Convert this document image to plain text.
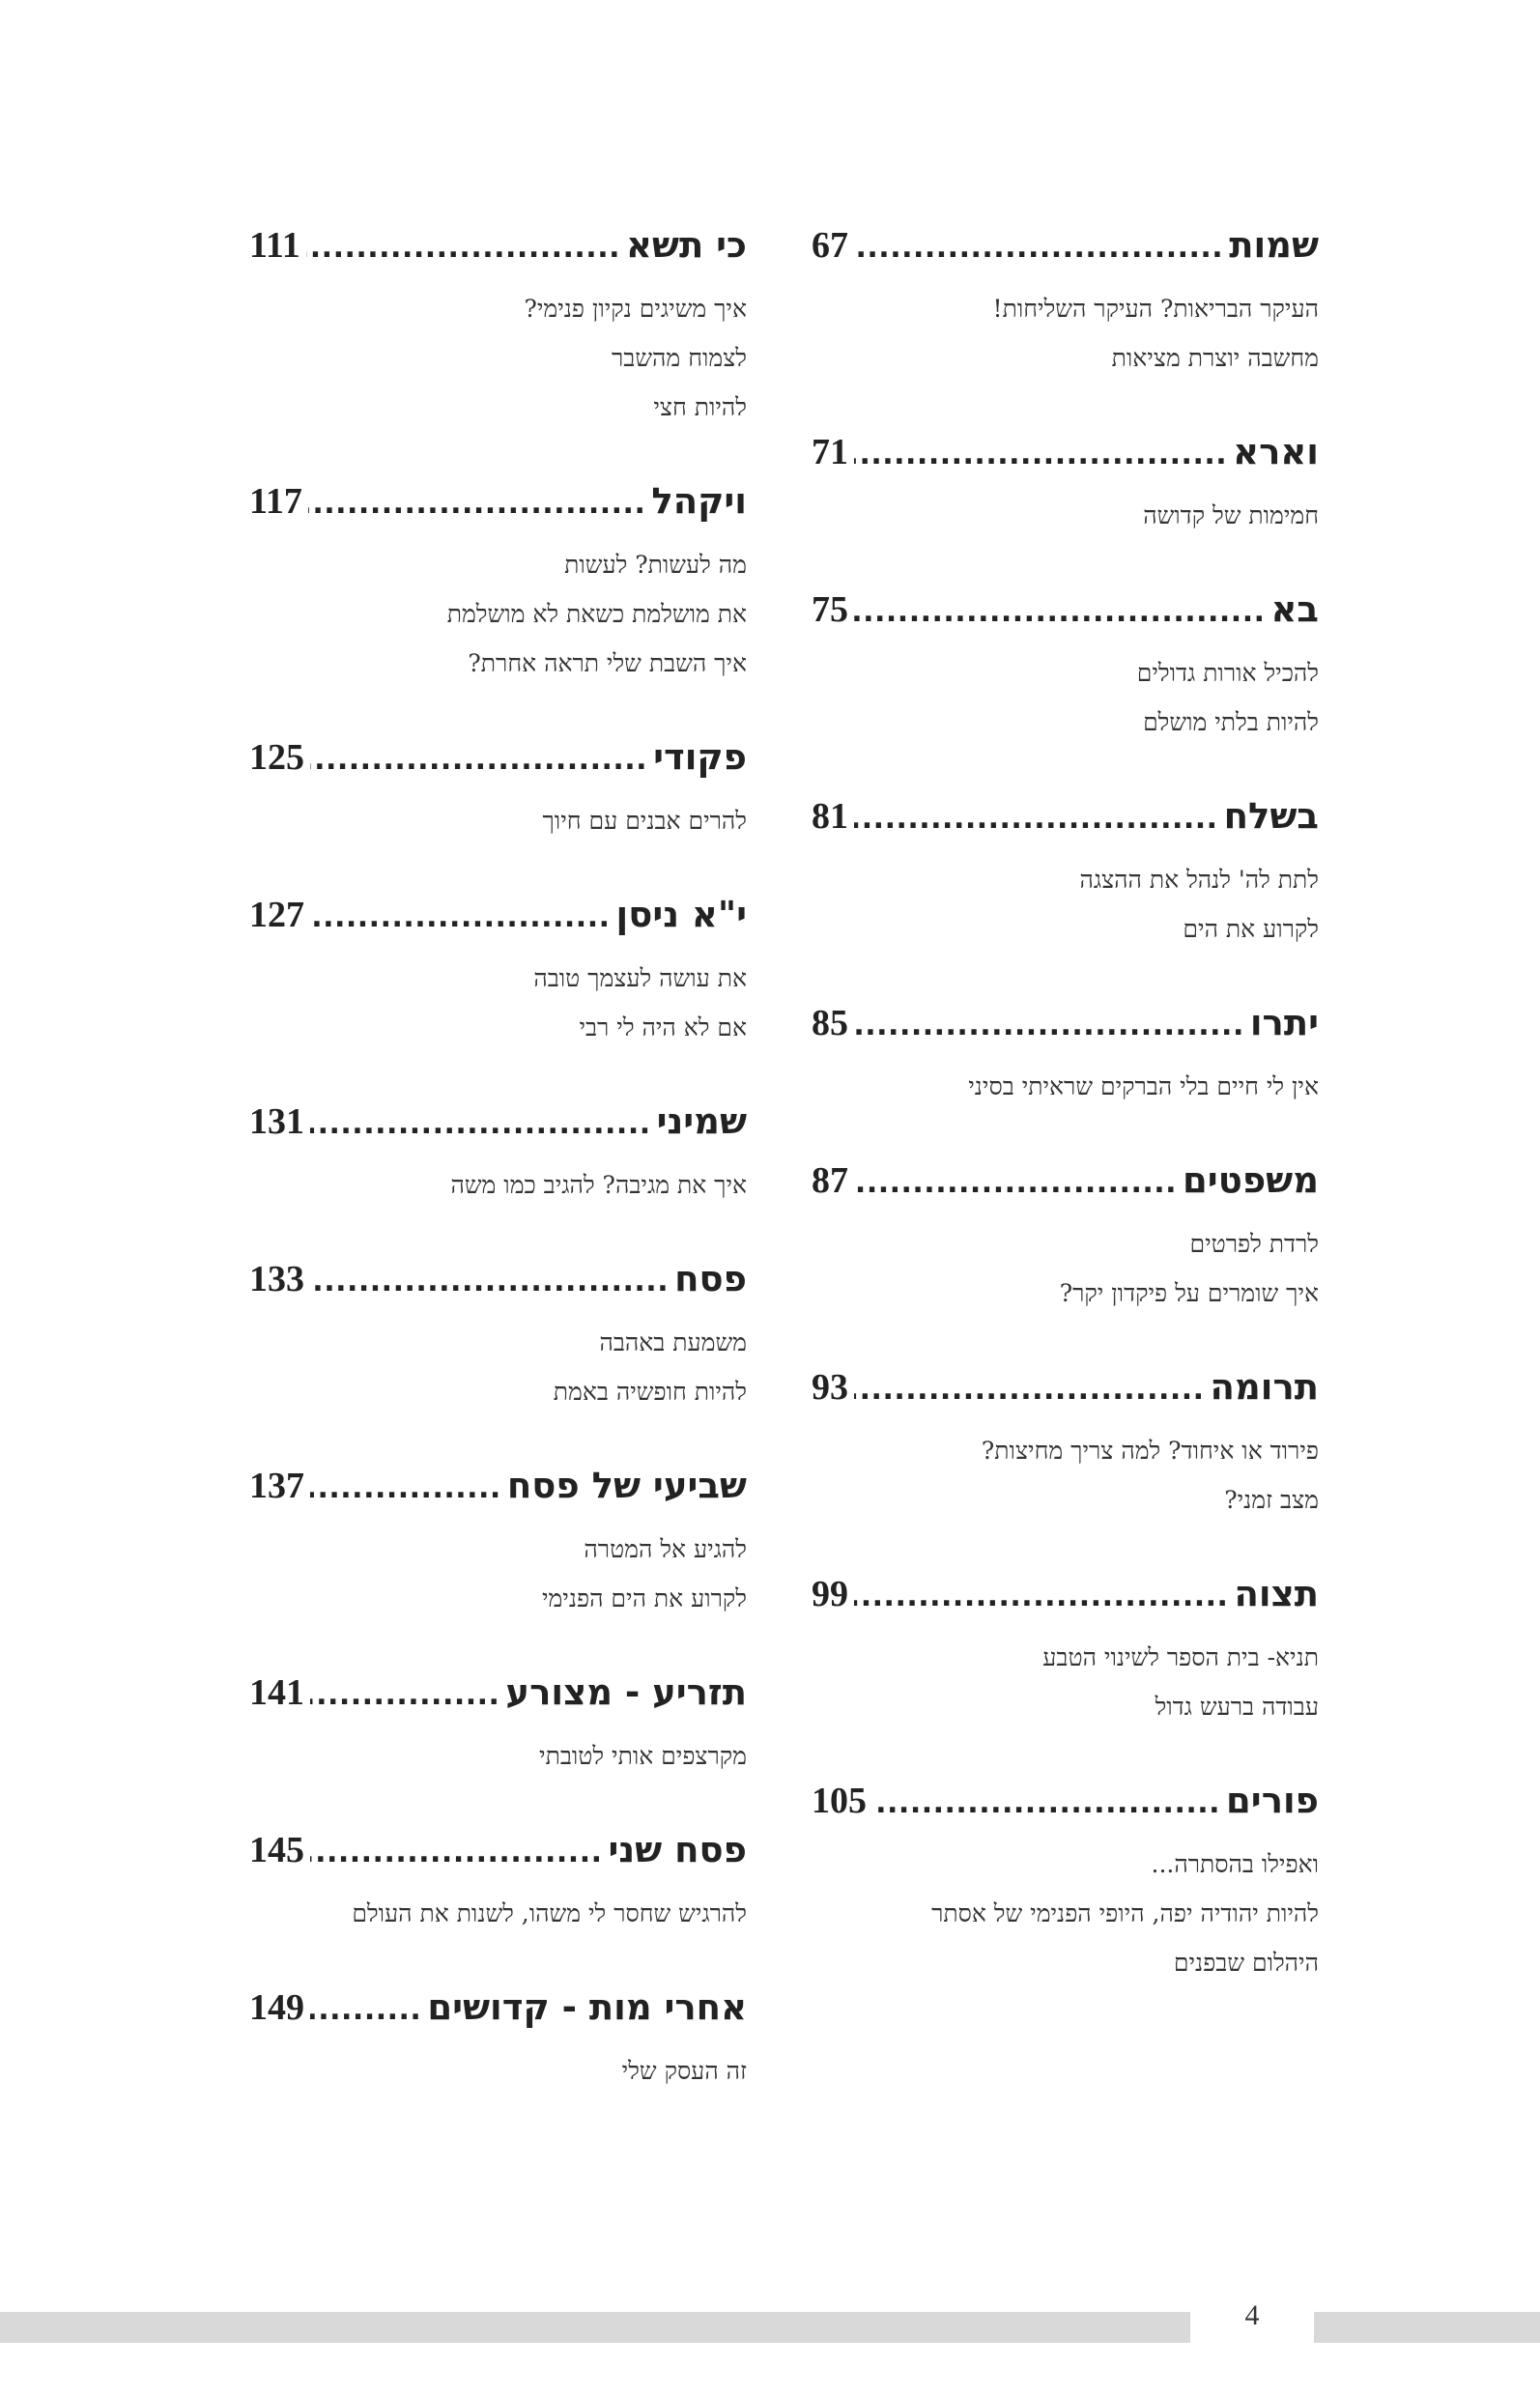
שמות
.....
67
העיקר הבריאות? העיקר השליחות!
מחשבה יוצרת מציאות
וארא
.....
71
חמימות של קדושה
בא
.....
75
להכיל אורות גדולים
להיות בלתי מושלם
בשלח
.....
81
לתת לה' לנהל את ההצגה
לקרוע את הים
יתרו
.....
85
אין לי חיים בלי הברקים שראיתי בסיני
משפטים
.....
87
לרדת לפרטים
איך שומרים על פיקדון יקר?
תרומה
.....
93
פירוד או איחוד? למה צריך מחיצות?
מצב זמני?
תצוה
.....
99
תניא- בית הספר לשינוי הטבע
עבודה ברעש גדול
פורים
.....
105
ואפילו בהסתרה...
להיות יהודיה יפה, היופי הפנימי של אסתר
היהלום שבפנים
כי תשא
.....
111
איך משיגים נקיון פנימי?
לצמוח מהשבר
להיות חצי
ויקהל
.....
117
מה לעשות? לעשות
את מושלמת כשאת לא מושלמת
איך השבת שלי תראה אחרת?
פקודי
.....
125
להרים אבנים עם חיוך
י"א ניסן
.....
127
את עושה לעצמך טובה
אם לא היה לי רבי
שמיני
.....
131
איך את מגיבה? להגיב כמו משה
פסח
.....
133
משמעת באהבה
להיות חופשיה באמת
שביעי של פסח
.....
137
להגיע אל המטרה
לקרוע את הים הפנימי
תזריע - מצורע
.....
141
מקרצפים אותי לטובתי
פסח שני
.....
145
להרגיש שחסר לי משהו, לשנות את העולם
אחרי מות - קדושים
.....
149
זה העסק שלי
4
